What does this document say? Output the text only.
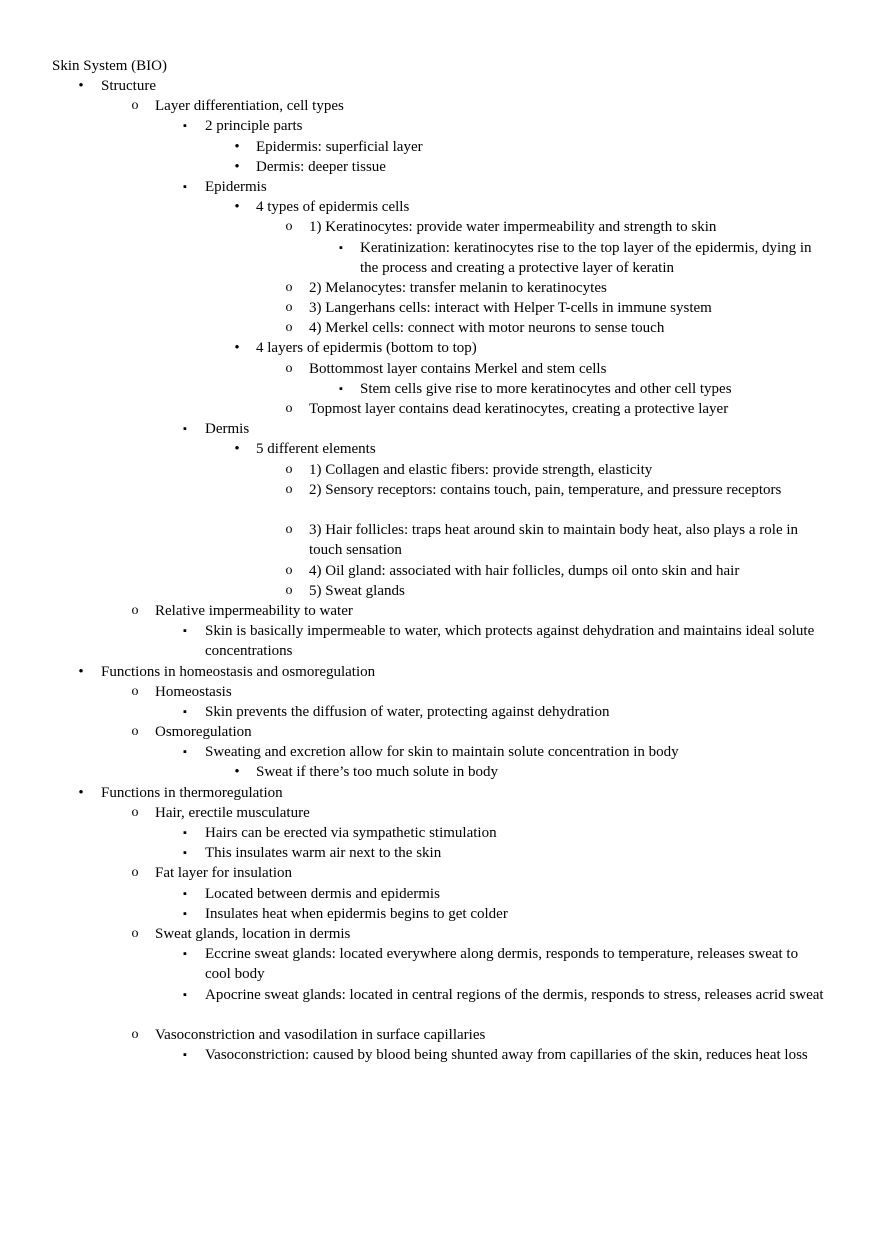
Skin System (BIO)
• Structure
o Layer differentiation, cell types
▪	2 principle parts
• Epidermis: superficial layer
• Dermis: deeper tissue
▪	Epidermis
• 4 types of epidermis cells
o 1) Keratinocytes: provide water impermeability and strength to skin
▪	Keratinization: keratinocytes rise to the top layer of the epidermis, dying in the process and creating a protective layer of keratin
o 2) Melanocytes: transfer melanin to keratinocytes
o 3) Langerhans cells: interact with Helper T-cells in immune system
o 4) Merkel cells: connect with motor neurons to sense touch
• 4 layers of epidermis (bottom to top)
o Bottommost layer contains Merkel and stem cells
▪	Stem cells give rise to more keratinocytes and other cell types
o Topmost layer contains dead keratinocytes, creating a protective layer
▪	Dermis
• 5 different elements
o 1) Collagen and elastic fibers: provide strength, elasticity
o 2) Sensory receptors: contains touch, pain, temperature, and pressure receptors
o 3) Hair follicles: traps heat around skin to maintain body heat, also plays a role in touch sensation
o 4) Oil gland: associated with hair follicles, dumps oil onto skin and hair
o 5) Sweat glands
o Relative impermeability to water
▪	Skin is basically impermeable to water, which protects against dehydration and maintains ideal solute concentrations
• Functions in homeostasis and osmoregulation
o Homeostasis
▪	Skin prevents the diffusion of water, protecting against dehydration
o Osmoregulation
▪	Sweating and excretion allow for skin to maintain solute concentration in body
• Sweat if there’s too much solute in body
• Functions in thermoregulation
o Hair, erectile musculature
▪	Hairs can be erected via sympathetic stimulation
▪	This insulates warm air next to the skin
o Fat layer for insulation
▪	Located between dermis and epidermis
▪	Insulates heat when epidermis begins to get colder
o Sweat glands, location in dermis
▪	Eccrine sweat glands: located everywhere along dermis, responds to temperature, releases sweat to cool body
▪	Apocrine sweat glands: located in central regions of the dermis, responds to stress, releases acrid sweat
o Vasoconstriction and vasodilation in surface capillaries
▪	Vasoconstriction: caused by blood being shunted away from capillaries of the skin, reduces heat loss
